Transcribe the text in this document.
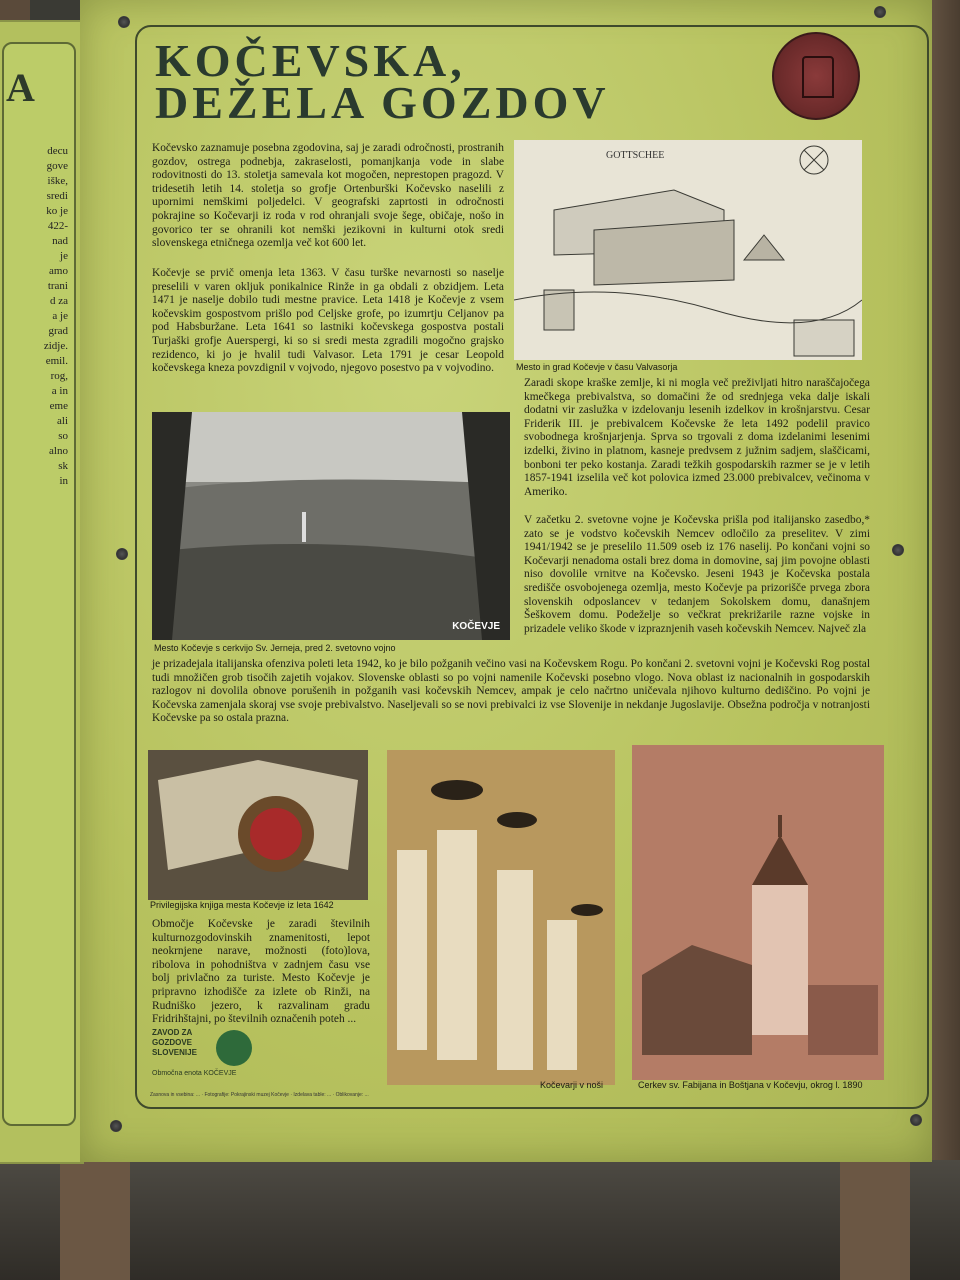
A
decu
gove
iške,
sredi
ko je
422-
nad
je
amo
trani
d za
a je
grad
zidje.
emil.
rog,
a in
eme
ali
so
alno
sk
in
KOČEVSKA,
DEŽELA GOZDOV

Kočevsko zaznamuje posebna zgodovina, saj je zaradi odročnosti, prostranih gozdov, ostrega podnebja, zakraselosti, pomanjkanja vode in slabe rodovitnosti do 13. stoletja samevala kot mogočen, neprestopen pragozd. V tridesetih letih 14. stoletja so grofje Ortenburški Kočevsko naselili z upornimi nemškimi poljedelci. V geografski zaprtosti in odročnosti pokrajine so Kočevarji iz roda v rod ohranjali svoje šege, običaje, nošo in govorico ter se ohranili kot nemški jezikovni in kulturni otok sredi slovenskega etničnega ozemlja več kot 600 let.

Kočevje se prvič omenja leta 1363. V času turške nevarnosti so naselje preselili v varen okljuk ponikalnice Rinže in ga obdali z obzidjem. Leta 1471 je naselje dobilo tudi mestne pravice. Leta 1418 je Kočevje z vsem kočevskim gospostvom prišlo pod Celjske grofe, po izumrtju Celjanov pa pod Habsburžane. Leta 1641 so lastniki kočevskega gospostva postali Turjaški grofje Auerspergi, ki so si sredi mesta zgradili mogočno grajsko rezidenco, ki jo je hvalil tudi Valvasor. Leta 1791 je cesar Leopold kočevskega kneza povzdignil v vojvodo, njegovo posestvo pa v vojvodino.

GOTTSCHEE

Mesto in grad Kočevje v času Valvasorja

Zaradi skope kraške zemlje, ki ni mogla več preživljati hitro naraščajočega kmečkega prebivalstva, so domačini že od srednjega veka dalje iskali dodatni vir zaslužka v izdelovanju lesenih izdelkov in krošnjarstvu. Cesar Friderik III. je prebivalcem Kočevske že leta 1492 podelil pravico svobodnega krošnjarjenja. Sprva so trgovali z doma izdelanimi lesenimi izdelki, živino in platnom, kasneje predvsem z južnim sadjem, slaščicami, bonboni ter peko kostanja. Zaradi težkih gospodarskih razmer se je v letih 1857-1941 izselila več kot polovica izmed 23.000 prebivalcev, večinoma v Ameriko.

KOČEVJE

Mesto Kočevje s cerkvijo Sv. Jerneja, pred 2. svetovno vojno

V začetku 2. svetovne vojne je Kočevska prišla pod italijansko zasedbo,* zato se je vodstvo kočevskih Nemcev odločilo za preselitev. V zimi 1941/1942 se je preselilo 11.509 oseb iz 176 naselij. Po končani vojni so Kočevarji nenadoma ostali brez doma in domovine, saj jim povojne oblasti niso dovolile vrnitve na Kočevsko. Jeseni 1943 je Kočevska postala središče osvobojenega ozemlja, mesto Kočevje pa prizorišče prvega zbora slovenskih odposlancev v tedanjem Sokolskem domu, današnjem Šeškovem domu. Podeželje so večkrat prekrižarile razne vojske in prizadele veliko škode v izpraznjenih vaseh kočevskih Nemcev. Največ zla

je prizadejala italijanska ofenziva poleti leta 1942, ko je bilo požganih večino vasi na Kočevskem Rogu. Po končani 2. svetovni vojni je Kočevski Rog postal tudi množičen grob tisočih zajetih vojakov. Slovenske oblasti so po vojni namenile Kočevski posebno vlogo. Nova oblast iz nacionalnih in gospodarskih razlogov ni dovolila obnove porušenih in požganih vasi kočevskih Nemcev, ampak je celo načrtno uničevala njihovo kulturno dediščino. Po vojni je Kočevska zamenjala skoraj vse svoje prebivalstvo. Naseljevali so se novi prebivalci iz vse Slovenije in nekdanje Jugoslavije. Obsežna področja v notranjosti Kočevske pa so ostala prazna.

Privilegijska knjiga mesta Kočevje iz leta 1642

Območje Kočevske je zaradi številnih kulturnozgodovinskih znamenitosti, lepot neokrnjene narave, možnosti (foto)lova, ribolova in pohodništva v zadnjem času vse bolj privlačno za turiste. Mesto Kočevje je pripravno izhodišče za izlete ob Rinži, na Rudniško jezero, k razvalinam gradu Fridrihštajni, po številnih označenih poteh ...

Kočevarji v noši	Cerkev sv. Fabijana in Boštjana v Kočevju, okrog l. 1890

ZAVOD ZA GOZDOVE SLOVENIJE
Območna enota KOČEVJE
Zasnova in vsebina: ... · Fotografije: Pokrajinski muzej Kočevje · Izdelava table: ... · Oblikovanje: ...
